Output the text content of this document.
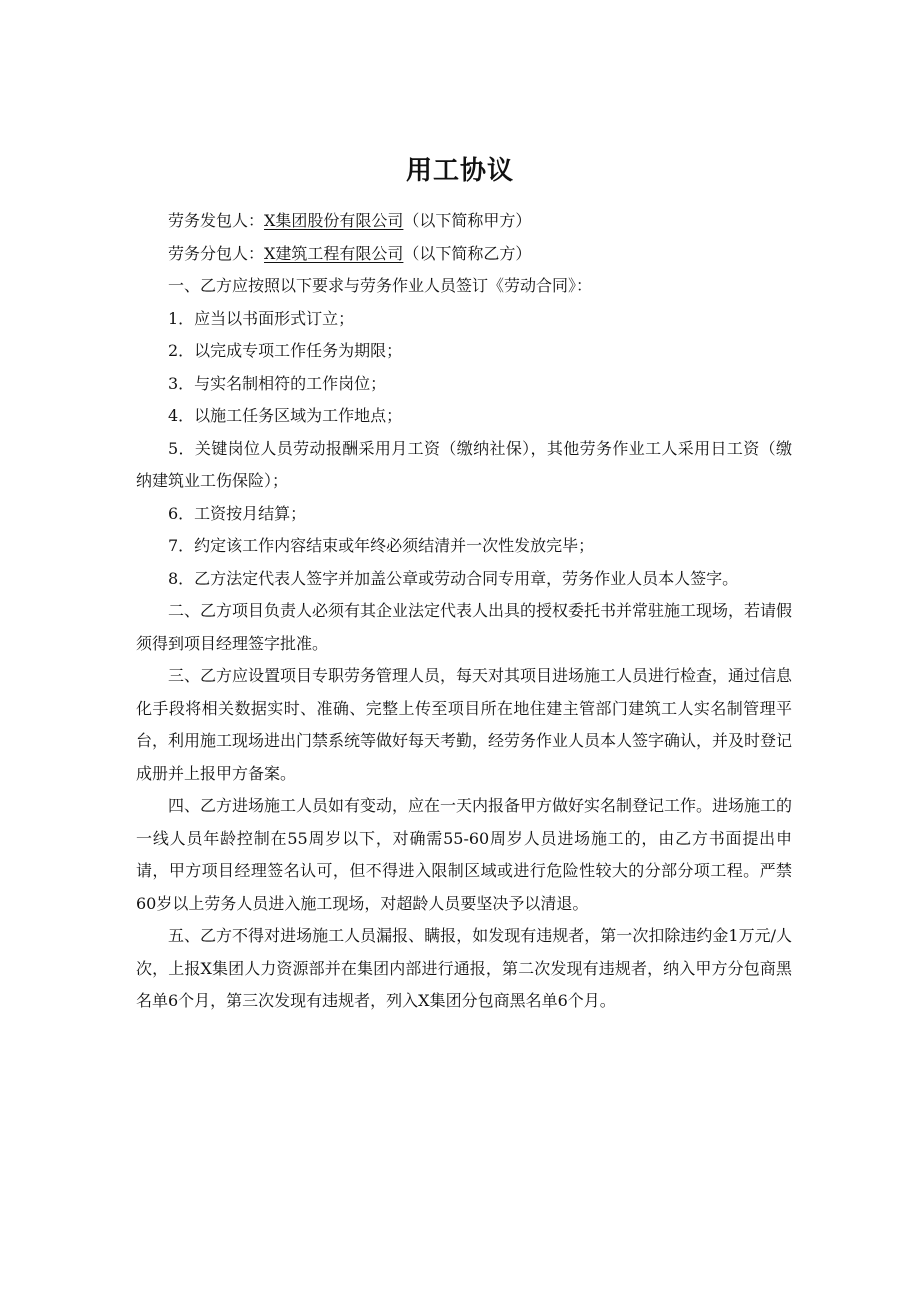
用工协议

劳务发包人：X集团股份有限公司（以下简称甲方）

劳务分包人：X建筑工程有限公司（以下简称乙方）

一、乙方应按照以下要求与劳务作业人员签订《劳动合同》：

1．应当以书面形式订立；

2．以完成专项工作任务为期限；

3．与实名制相符的工作岗位；

4．以施工任务区域为工作地点；

5．关键岗位人员劳动报酬采用月工资（缴纳社保），其他劳务作业工人采用日工资（缴纳建筑业工伤保险）；

6．工资按月结算；

7．约定该工作内容结束或年终必须结清并一次性发放完毕；

8．乙方法定代表人签字并加盖公章或劳动合同专用章，劳务作业人员本人签字。

二、乙方项目负责人必须有其企业法定代表人出具的授权委托书并常驻施工现场，若请假须得到项目经理签字批准。

三、乙方应设置项目专职劳务管理人员，每天对其项目进场施工人员进行检查，通过信息化手段将相关数据实时、准确、完整上传至项目所在地住建主管部门建筑工人实名制管理平台，利用施工现场进出门禁系统等做好每天考勤，经劳务作业人员本人签字确认，并及时登记成册并上报甲方备案。

四、乙方进场施工人员如有变动，应在一天内报备甲方做好实名制登记工作。进场施工的一线人员年龄控制在55周岁以下，对确需55-60周岁人员进场施工的，由乙方书面提出申请，甲方项目经理签名认可，但不得进入限制区域或进行危险性较大的分部分项工程。严禁60岁以上劳务人员进入施工现场，对超龄人员要坚决予以清退。

五、乙方不得对进场施工人员漏报、瞒报，如发现有违规者，第一次扣除违约金1万元/人次，上报X集团人力资源部并在集团内部进行通报，第二次发现有违规者，纳入甲方分包商黑名单6个月，第三次发现有违规者，列入X集团分包商黑名单6个月。
